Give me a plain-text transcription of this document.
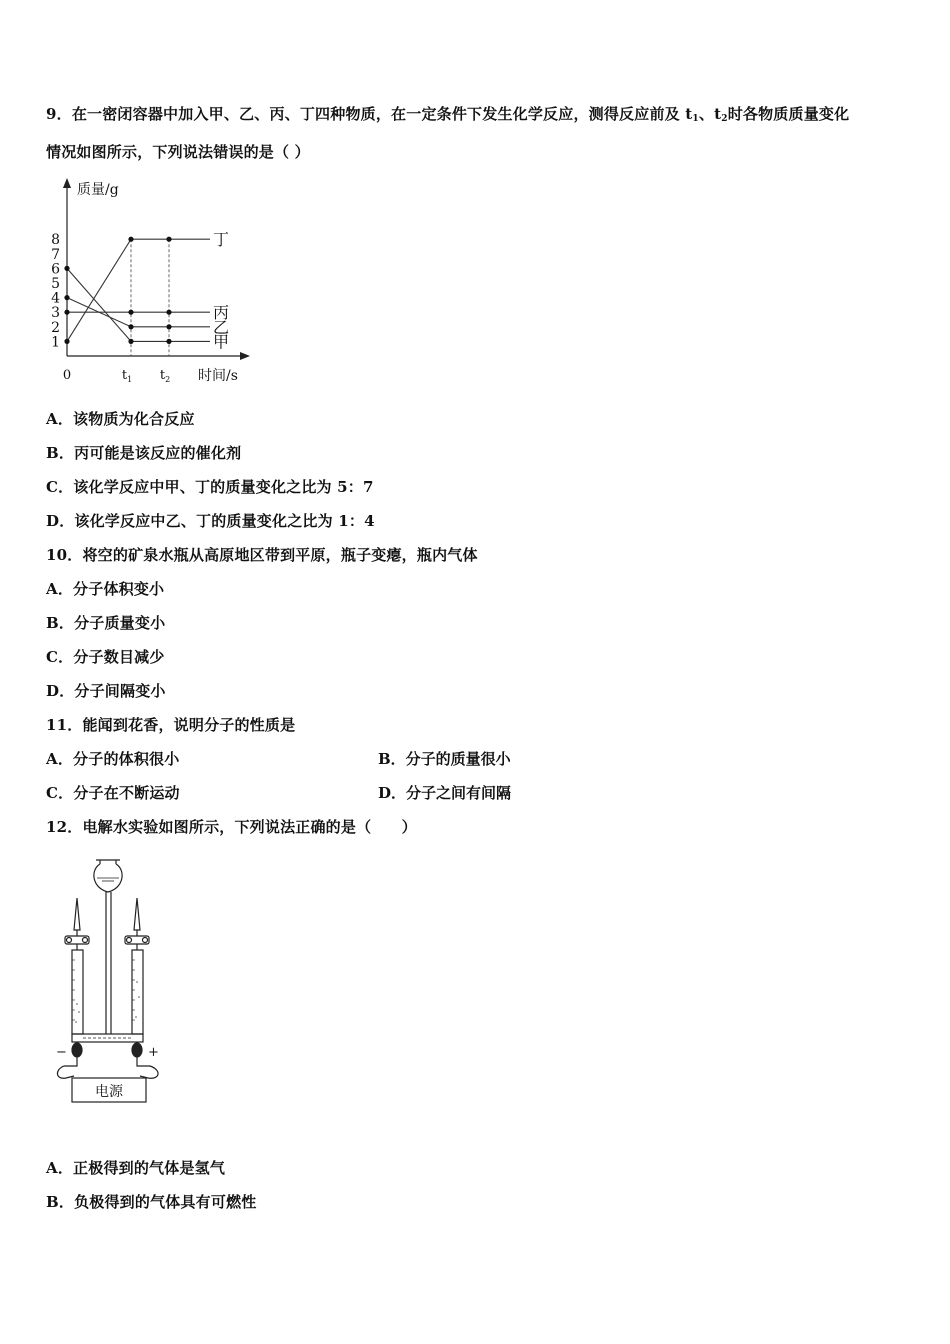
9．在一密闭容器中加入甲、乙、丙、丁四种物质，在一定条件下发生化学反应，测得反应前及 $t_1$、$t_2$时各物质质量变化
情况如图所示，下列说法错误的是（ ）
1
2
3
4
5
6
7
8
0	$t_1$ $t_2$
质量/g
时间/s
丁
丙
乙
甲
A．该物质为化合反应
B．丙可能是该反应的催化剂
C．该化学反应中甲、丁的质量变化之比为 5：7
D．该化学反应中乙、丁的质量变化之比为 1：4
10．将空的矿泉水瓶从高原地区带到平原，瓶子变瘪，瓶内气体
A．分子体积变小
B．分子质量变小
C．分子数目减少
D．分子间隔变小
11．能闻到花香，说明分子的性质是
A．分子的体积很小	B．分子的质量很小
C．分子在不断运动	D．分子之间有间隔
12．电解水实验如图所示，下列说法正确的是（　　）
−	+
电源
A．正极得到的气体是氢气
B．负极得到的气体具有可燃性
